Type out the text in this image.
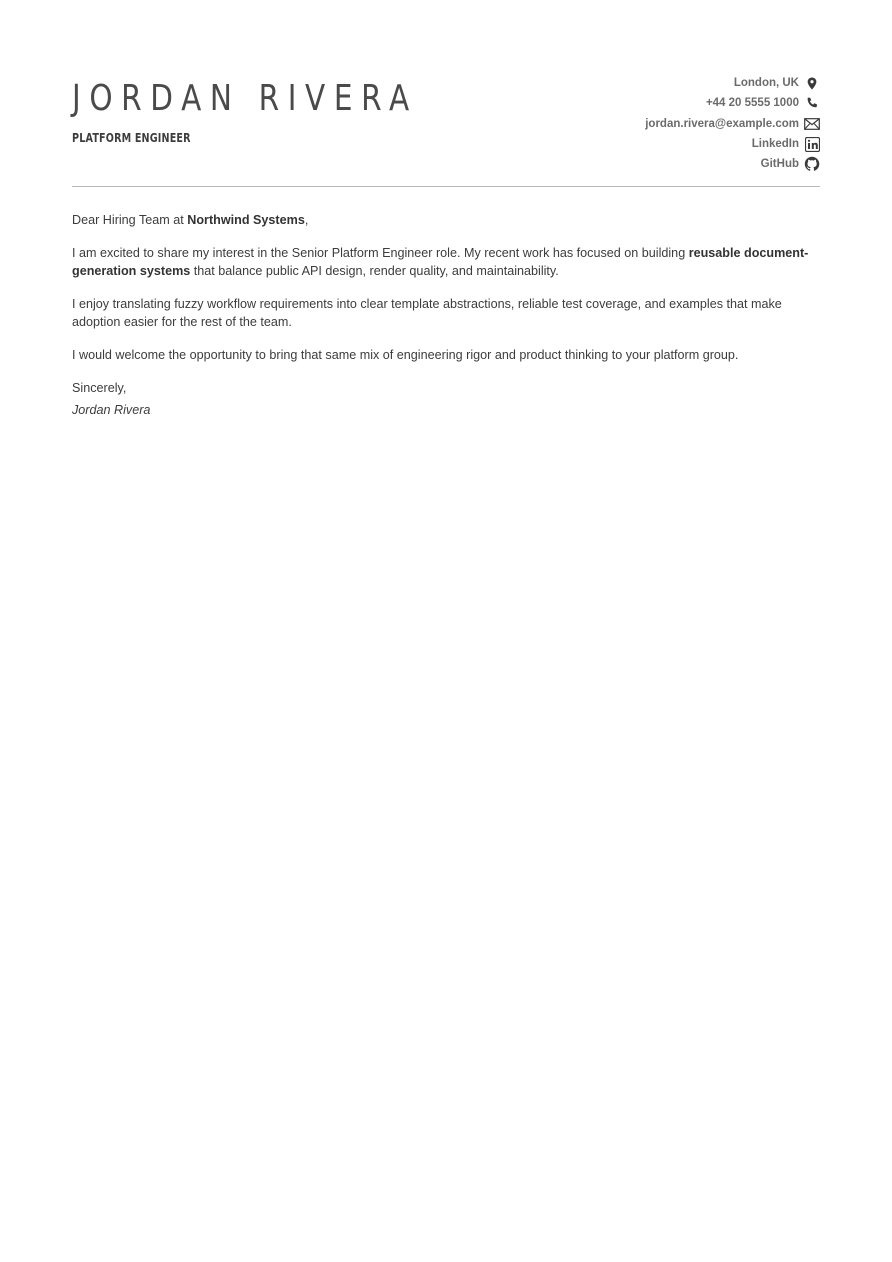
JORDAN RIVERA
PLATFORM ENGINEER
London, UK
+44 20 5555 1000
jordan.rivera@example.com
LinkedIn
GitHub

Dear Hiring Team at Northwind Systems,

I am excited to share my interest in the Senior Platform Engineer role. My recent work has focused on building reusable document-generation systems that balance public API design, render quality, and maintainability.

I enjoy translating fuzzy workflow requirements into clear template abstractions, reliable test coverage, and examples that make adoption easier for the rest of the team.

I would welcome the opportunity to bring that same mix of engineering rigor and product thinking to your platform group.

Sincerely,

Jordan Rivera
